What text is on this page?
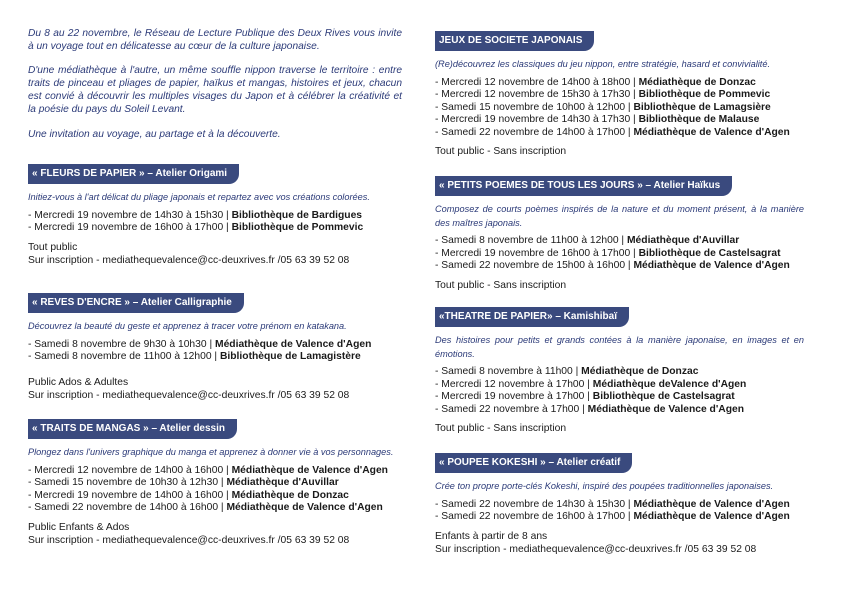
Du 8 au 22 novembre, le Réseau de Lecture Publique des Deux Rives vous invite à un voyage tout en délicatesse au cœur de la culture japonaise.

D'une médiathèque à l'autre, un même souffle nippon traverse le territoire : entre traits de pinceau et pliages de papier, haïkus et mangas, histoires et jeux, chacun est convié à découvrir les multiples visages du Japon et à célébrer la créativité et la poésie du pays du Soleil Levant.

Une invitation au voyage, au partage et à la découverte.

« FLEURS DE PAPIER » – Atelier Origami
Initiez-vous à l'art délicat du pliage japonais et repartez avec vos créations colorées.
- Mercredi 19 novembre de 14h30 à 15h30 | Bibliothèque de Bardigues
- Mercredi 19 novembre de 16h00 à 17h00 | Bibliothèque de Pommevic
Tout public
Sur inscription - mediathequevalence@cc-deuxrives.fr /05 63 39 52 08
« REVES D'ENCRE » – Atelier Calligraphie
Découvrez la beauté du geste et apprenez à tracer votre prénom en katakana.
- Samedi 8 novembre de 9h30 à 10h30 | Médiathèque de Valence d'Agen
- Samedi 8 novembre de 11h00 à 12h00 | Bibliothèque de Lamagistère
Public Ados & Adultes
Sur inscription - mediathequevalence@cc-deuxrives.fr /05 63 39 52 08
« TRAITS DE MANGAS » – Atelier dessin
Plongez dans l'univers graphique du manga et apprenez à donner vie à vos personnages.
- Mercredi 12 novembre de 14h00 à 16h00 | Médiathèque de Valence d'Agen
- Samedi 15 novembre de 10h30 à 12h30 | Médiathèque d'Auvillar
- Mercredi 19 novembre de 14h00 à 16h00 | Médiathèque de Donzac
- Samedi 22 novembre de 14h00 à 16h00 | Médiathèque de Valence d'Agen
Public Enfants & Ados
Sur inscription - mediathequevalence@cc-deuxrives.fr /05 63 39 52 08
JEUX DE SOCIETE JAPONAIS
(Re)découvrez les classiques du jeu nippon, entre stratégie, hasard et convivialité.
- Mercredi 12 novembre de 14h00 à 18h00 | Médiathèque de Donzac
- Mercredi 12 novembre de 15h30 à 17h30 | Bibliothèque de Pommevic
- Samedi 15 novembre de 10h00 à 12h00 | Bibliothèque de Lamagsière
- Mercredi 19 novembre de 14h30 à 17h30 | Bibliothèque de Malause
- Samedi 22 novembre de 14h00 à 17h00 | Médiathèque de Valence d'Agen
Tout public - Sans inscription
« PETITS POEMES DE TOUS LES JOURS » – Atelier Haïkus
Composez de courts poèmes inspirés de la nature et du moment présent, à la manière des maîtres japonais.
- Samedi 8 novembre de 11h00 à 12h00 | Médiathèque d'Auvillar
- Mercredi 19 novembre de 16h00 à 17h00 | Bibliothèque de Castelsagrat
- Samedi 22 novembre de 15h00 à 16h00 | Médiathèque de Valence d'Agen
Tout public - Sans inscription
«THEATRE DE PAPIER» – Kamishibaï
Des histoires pour petits et grands contées à la manière japonaise, en images et en émotions.
- Samedi 8 novembre à 11h00 | Médiathèque de Donzac
- Mercredi 12 novembre à 17h00 | Médiathèque deValence d'Agen
- Mercredi 19 novembre à 17h00 | Bibliothèque de Castelsagrat
- Samedi 22 novembre à 17h00 | Médiathèque de Valence d'Agen
Tout public - Sans inscription
« POUPEE KOKESHI » – Atelier créatif
Crée ton propre porte-clés Kokeshi, inspiré des poupées traditionnelles japonaises.
- Samedi 22 novembre de 14h30 à 15h30 | Médiathèque de Valence d'Agen
- Samedi 22 novembre de 16h00 à 17h00 | Médiathèque de Valence d'Agen
Enfants à partir de 8 ans
Sur inscription - mediathequevalence@cc-deuxrives.fr /05 63 39 52 08
